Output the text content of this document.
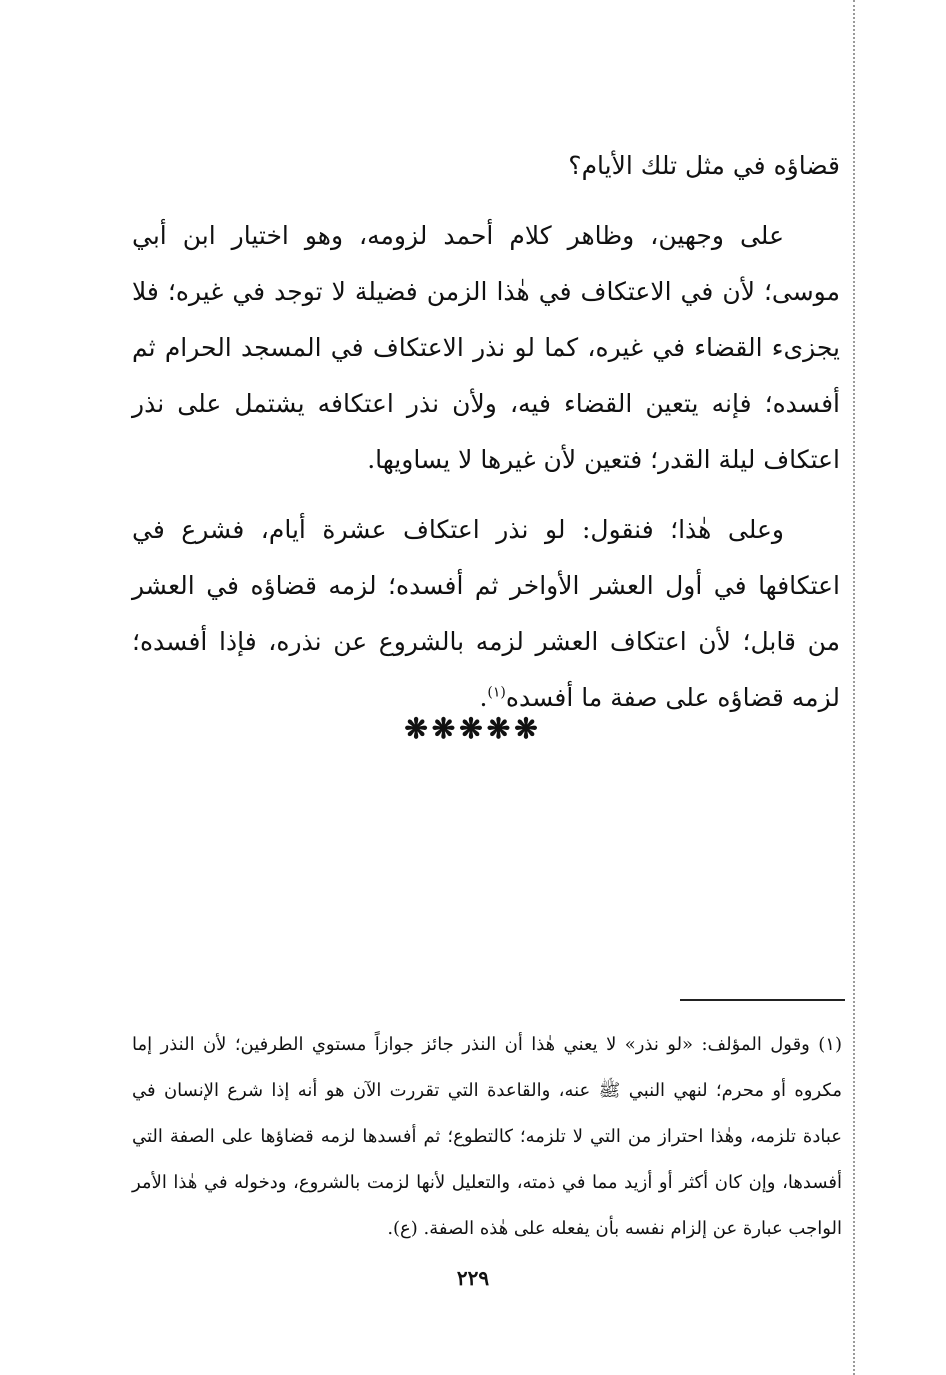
قضاؤه في مثل تلك الأيام؟

على وجهين، وظاهر كلام أحمد لزومه، وهو اختيار ابن أبي موسى؛ لأن في الاعتكاف في هٰذا الزمن فضيلة لا توجد في غيره؛ فلا يجزىء القضاء في غيره، كما لو نذر الاعتكاف في المسجد الحرام ثم أفسده؛ فإنه يتعين القضاء فيه، ولأن نذر اعتكافه يشتمل على نذر اعتكاف ليلة القدر؛ فتعين لأن غيرها لا يساويها.

وعلى هٰذا؛ فنقول: لو نذر اعتكاف عشرة أيام، فشرع في اعتكافها في أول العشر الأواخر ثم أفسده؛ لزمه قضاؤه في العشر من قابل؛ لأن اعتكاف العشر لزمه بالشروع عن نذره، فإذا أفسده؛ لزمه قضاؤه على صفة ما أفسده$^{(١)}$.

❋❋❋❋❋

(١) وقول المؤلف: «لو نذر» لا يعني هٰذا أن النذر جائز جوازاً مستوي الطرفين؛ لأن النذر إما مكروه أو محرم؛ لنهي النبي ﷺ عنه، والقاعدة التي تقررت الآن هو أنه إذا شرع الإنسان في عبادة تلزمه، وهٰذا احتراز من التي لا تلزمه؛ كالتطوع؛ ثم أفسدها لزمه قضاؤها على الصفة التي أفسدها، وإن كان أكثر أو أزيد مما في ذمته، والتعليل لأنها لزمت بالشروع، ودخوله في هٰذا الأمر الواجب عبارة عن إلزام نفسه بأن يفعله على هٰذه الصفة. (ع).

٢٢٩
